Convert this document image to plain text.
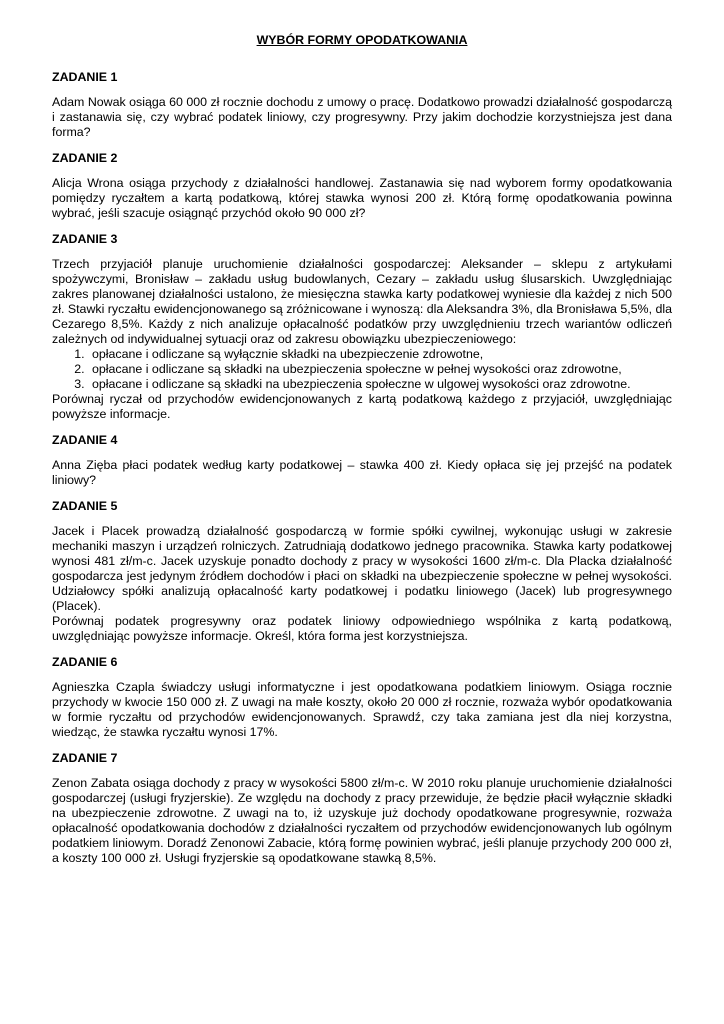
WYBÓR FORMY OPODATKOWANIA
ZADANIE 1
Adam Nowak osiąga 60 000 zł rocznie dochodu z umowy o pracę. Dodatkowo prowadzi działalność gospodarczą i zastanawia się, czy wybrać podatek liniowy, czy progresywny. Przy jakim dochodzie korzystniejsza jest dana forma?
ZADANIE 2
Alicja Wrona osiąga przychody z działalności handlowej. Zastanawia się nad wyborem formy opodatkowania pomiędzy ryczałtem a kartą podatkową, której stawka wynosi 200 zł. Którą formę opodatkowania powinna wybrać, jeśli szacuje osiągnąć przychód około 90 000 zł?
ZADANIE 3
Trzech przyjaciół planuje uruchomienie działalności gospodarczej: Aleksander – sklepu z artykułami spożywczymi, Bronisław – zakładu usług budowlanych, Cezary – zakładu usług ślusarskich. Uwzględniając zakres planowanej działalności ustalono, że miesięczna stawka karty podatkowej wyniesie dla każdej z nich 500 zł. Stawki ryczałtu ewidencjonowanego są zróżnicowane i wynoszą: dla Aleksandra 3%, dla Bronisława 5,5%, dla Cezarego 8,5%. Każdy z nich analizuje opłacalność podatków przy uwzględnieniu trzech wariantów odliczeń zależnych od indywidualnej sytuacji oraz od zakresu obowiązku ubezpieczeniowego:
1. opłacane i odliczane są wyłącznie składki na ubezpieczenie zdrowotne,
2. opłacane i odliczane są składki na ubezpieczenia społeczne w pełnej wysokości oraz zdrowotne,
3. opłacane i odliczane są składki na ubezpieczenia społeczne w ulgowej wysokości oraz zdrowotne.
Porównaj ryczał od przychodów ewidencjonowanych z kartą podatkową każdego z przyjaciół, uwzględniając powyższe informacje.
ZADANIE 4
Anna Zięba płaci podatek według karty podatkowej – stawka 400 zł. Kiedy opłaca się jej przejść na podatek liniowy?
ZADANIE 5
Jacek i Placek prowadzą działalność gospodarczą w formie spółki cywilnej, wykonując usługi w zakresie mechaniki maszyn i urządzeń rolniczych. Zatrudniają dodatkowo jednego pracownika. Stawka karty podatkowej wynosi 481 zł/m-c. Jacek uzyskuje ponadto dochody z pracy w wysokości 1600 zł/m-c. Dla Placka działalność gospodarcza jest jedynym źródłem dochodów i płaci on składki na ubezpieczenie społeczne w pełnej wysokości. Udziałowcy spółki analizują opłacalność karty podatkowej i podatku liniowego (Jacek) lub progresywnego (Placek).
Porównaj podatek progresywny oraz podatek liniowy odpowiedniego wspólnika z kartą podatkową, uwzględniając powyższe informacje. Określ, która forma jest korzystniejsza.
ZADANIE 6
Agnieszka Czapla świadczy usługi informatyczne i jest opodatkowana podatkiem liniowym. Osiąga rocznie przychody w kwocie 150 000 zł. Z uwagi na małe koszty, około 20 000 zł rocznie, rozważa wybór opodatkowania w formie ryczałtu od przychodów ewidencjonowanych. Sprawdź, czy taka zamiana jest dla niej korzystna, wiedząc, że stawka ryczałtu wynosi 17%.
ZADANIE 7
Zenon Zabata osiąga dochody z pracy w wysokości 5800 zł/m-c. W 2010 roku planuje uruchomienie działalności gospodarczej (usługi fryzjerskie). Ze względu na dochody z pracy przewiduje, że będzie płacił wyłącznie składki na ubezpieczenie zdrowotne. Z uwagi na to, iż uzyskuje już dochody opodatkowane progresywnie, rozważa opłacalność opodatkowania dochodów z działalności ryczałtem od przychodów ewidencjonowanych lub ogólnym podatkiem liniowym. Doradź Zenonowi Zabacie, którą formę powinien wybrać, jeśli planuje przychody 200 000 zł, a koszty 100 000 zł. Usługi fryzjerskie są opodatkowane stawką 8,5%.
